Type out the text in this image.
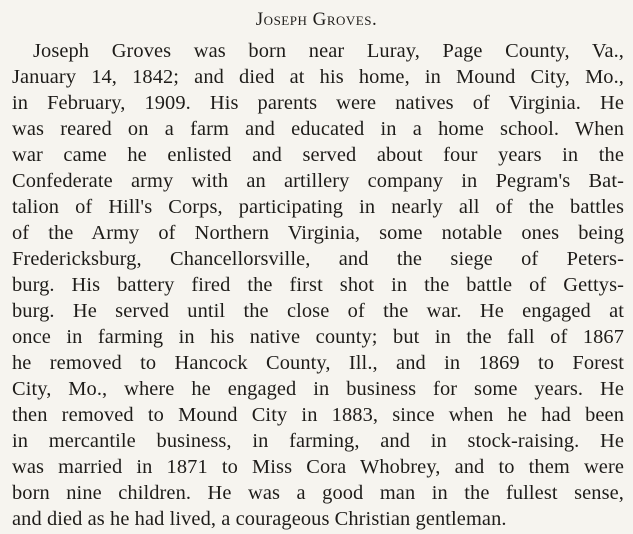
Joseph Groves.
Joseph Groves was born near Luray, Page County, Va.,
January 14, 1842; and died at his home, in Mound City, Mo.,
in February, 1909. His parents were natives of Virginia. He
was reared on a farm and educated in a home school. When
war came he enlisted and served about four years in the
Confederate army with an artillery company in Pegram's Bat-
talion of Hill's Corps, participating in nearly all of the battles
of the Army of Northern Virginia, some notable ones being
Fredericksburg, Chancellorsville, and the siege of Peters-
burg. His battery fired the first shot in the battle of Gettys-
burg. He served until the close of the war. He engaged at
once in farming in his native county; but in the fall of 1867
he removed to Hancock County, Ill., and in 1869 to Forest
City, Mo., where he engaged in business for some years. He
then removed to Mound City in 1883, since when he had been
in mercantile business, in farming, and in stock-raising. He
was married in 1871 to Miss Cora Whobrey, and to them were
born nine children. He was a good man in the fullest sense,
and died as he had lived, a courageous Christian gentleman.
